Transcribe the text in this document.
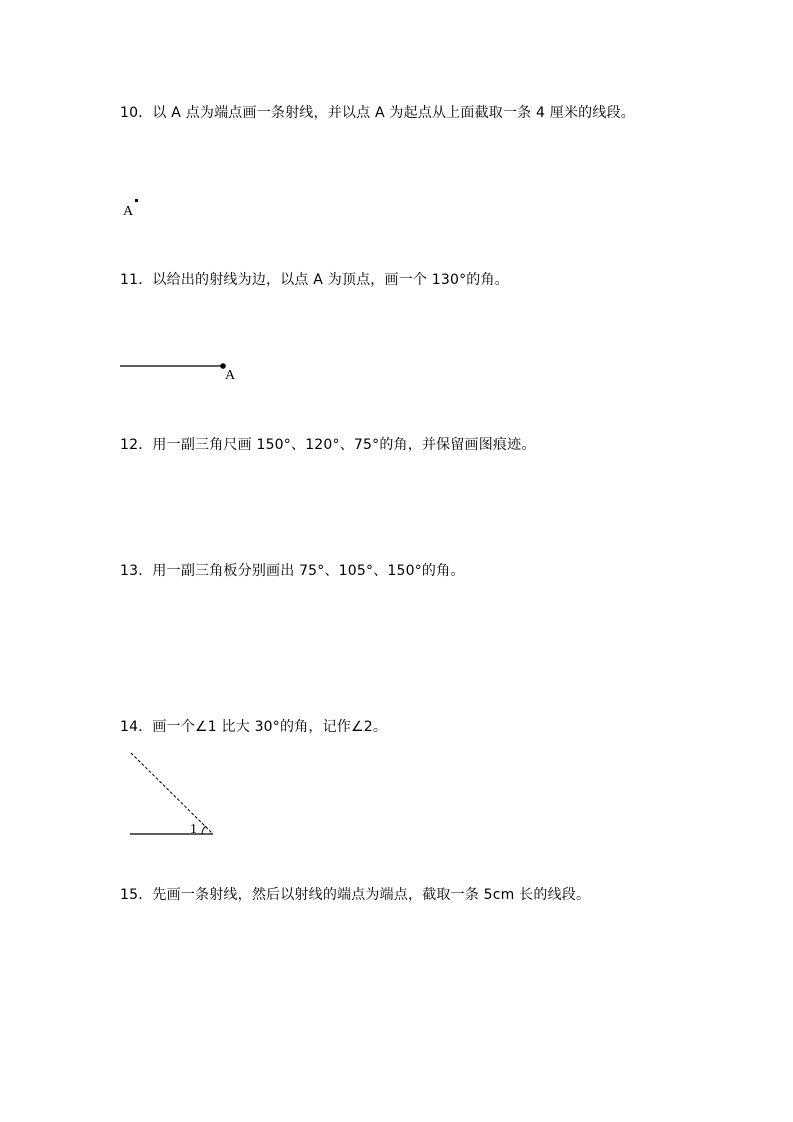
10．以 A 点为端点画一条射线，并以点 A 为起点从上面截取一条 4 厘米的线段。
A
11．以给出的射线为边，以点 A 为顶点，画一个 130°的角。
A
12．用一副三角尺画 150°、120°、75°的角，并保留画图痕迹。
13．用一副三角板分别画出 75°、105°、150°的角。
14．画一个∠1 比大 30°的角，记作∠2。
1
15．先画一条射线，然后以射线的端点为端点，截取一条 5cm 长的线段。
